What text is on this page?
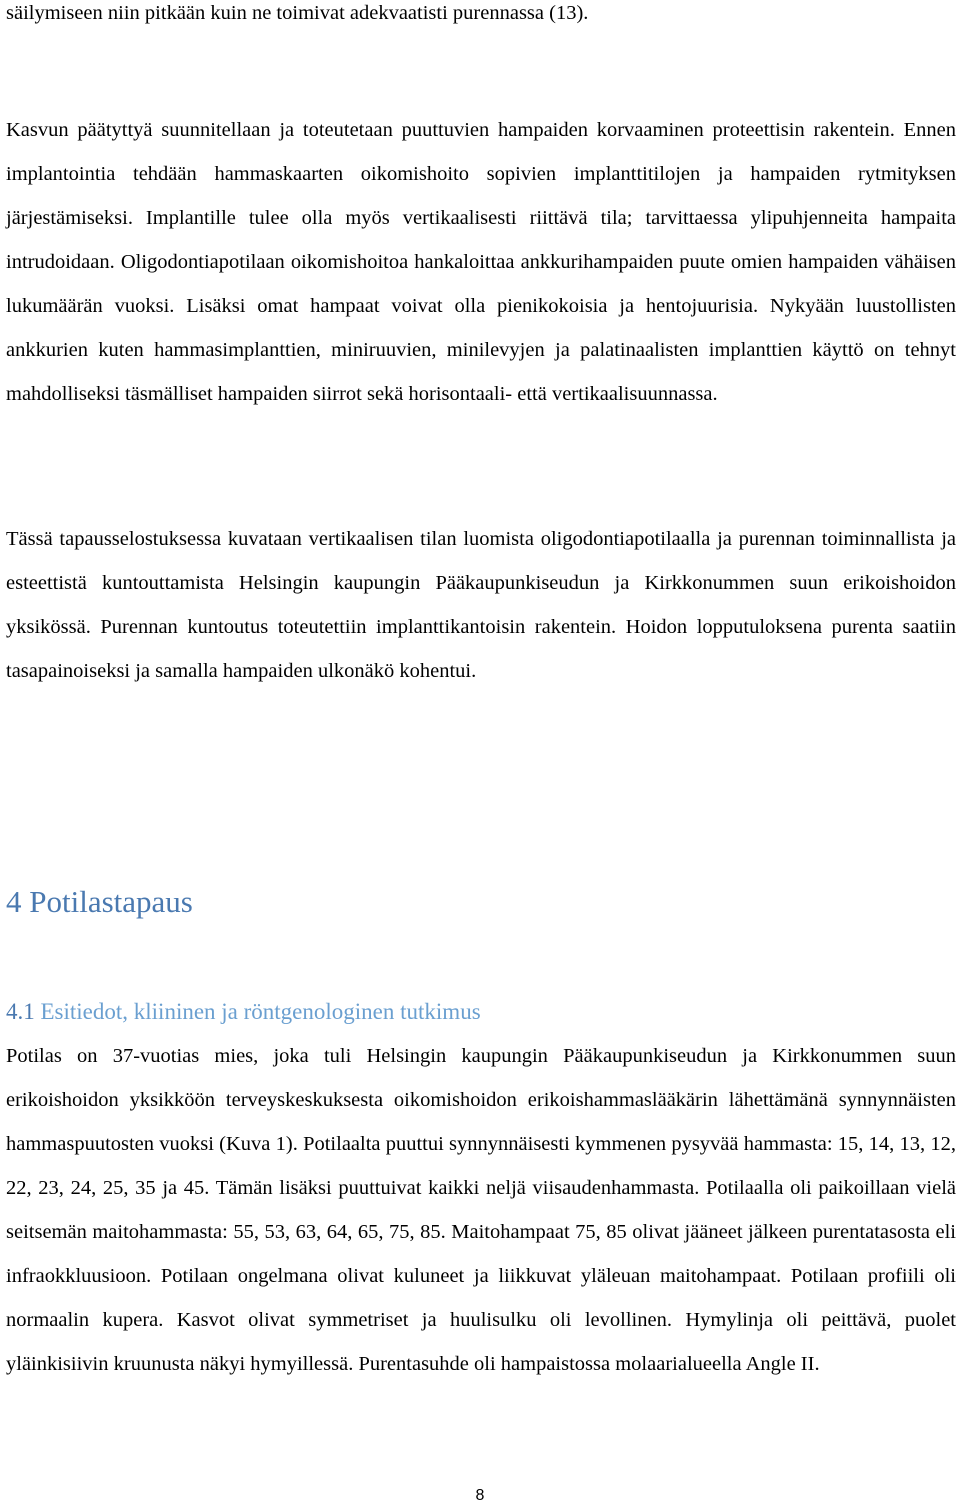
säilymiseen niin pitkään kuin ne toimivat adekvaatisti purennassa (13).

Kasvun päätyttyä suunnitellaan ja toteutetaan puuttuvien hampaiden korvaaminen proteettisin rakentein. Ennen implantointia tehdään hammaskaarten oikomishoito sopivien implanttitilojen ja hampaiden rytmityksen järjestämiseksi. Implantille tulee olla myös vertikaalisesti riittävä tila; tarvittaessa ylipuhjenneita hampaita intrudoidaan. Oligodontiapotilaan oikomishoitoa hankaloittaa ankkurihampaiden puute omien hampaiden vähäisen lukumäärän vuoksi. Lisäksi omat hampaat voivat olla pienikokoisia ja hentojuurisia. Nykyään luustollisten ankkurien kuten hammasimplanttien, miniruuvien, minilevyjen ja palatinaalisten implanttien käyttö on tehnyt mahdolliseksi täsmälliset hampaiden siirrot sekä horisontaali- että vertikaalisuunnassa.

Tässä tapausselostuksessa kuvataan vertikaalisen tilan luomista oligodontiapotilaalla ja purennan toiminnallista ja esteettistä kuntouttamista Helsingin kaupungin Pääkaupunkiseudun ja Kirkkonummen suun erikoishoidon yksikössä. Purennan kuntoutus toteutettiin implanttikantoisin rakentein. Hoidon lopputuloksena purenta saatiin tasapainoiseksi ja samalla hampaiden ulkonäkö kohentui.

4 Potilastapaus
4.1 Esitiedot, kliininen ja röntgenologinen tutkimus

Potilas on 37-vuotias mies, joka tuli Helsingin kaupungin Pääkaupunkiseudun ja Kirkkonummen suun erikoishoidon yksikköön terveyskeskuksesta oikomishoidon erikoishammaslääkärin lähettämänä synnynnäisten hammaspuutosten vuoksi (Kuva 1). Potilaalta puuttui synnynnäisesti kymmenen pysyvää hammasta: 15, 14, 13, 12, 22, 23, 24, 25, 35 ja 45. Tämän lisäksi puuttuivat kaikki neljä viisaudenhammasta. Potilaalla oli paikoillaan vielä seitsemän maitohammasta: 55, 53, 63, 64, 65, 75, 85. Maitohampaat 75, 85 olivat jääneet jälkeen purentatasosta eli infraokkluusioon. Potilaan ongelmana olivat kuluneet ja liikkuvat yläleuan maitohampaat. Potilaan profiili oli normaalin kupera. Kasvot olivat symmetriset ja huulisulku oli levollinen. Hymylinja oli peittävä, puolet yläinkisiivin kruunusta näkyi hymyillessä. Purentasuhde oli hampaistossa molaarialueella Angle II.

8
